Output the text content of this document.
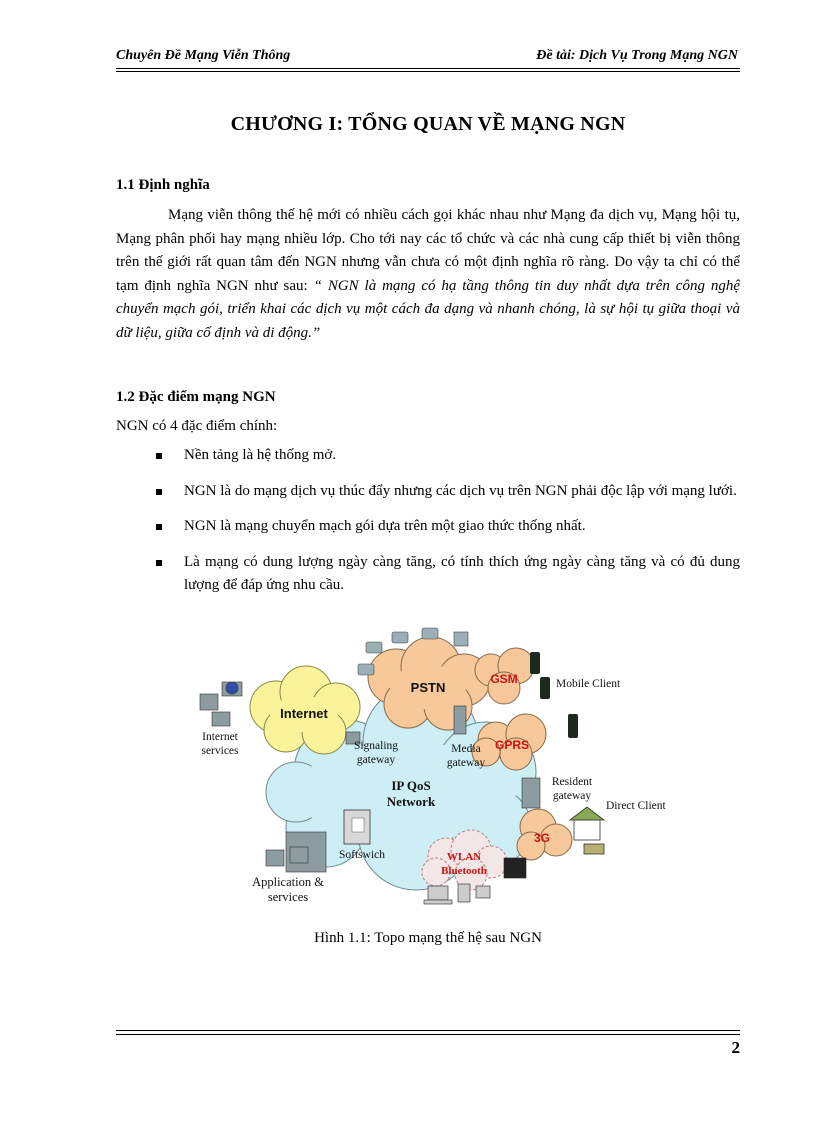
Chuyên Đề Mạng Viễn Thông	Đề tài: Dịch Vụ Trong Mạng NGN
CHƯƠNG I: TỔNG QUAN VỀ MẠNG NGN
1.1 Định nghĩa
Mạng viễn thông thế hệ mới có nhiều cách gọi khác nhau như Mạng đa dịch vụ, Mạng hội tụ, Mạng phân phối hay mạng nhiều lớp. Cho tới nay các tổ chức và các nhà cung cấp thiết bị viễn thông trên thế giới rất quan tâm đến NGN nhưng vẫn chưa có một định nghĩa rõ ràng. Do vậy ta chỉ có thể tạm định nghĩa NGN như sau: “ NGN là mạng có hạ tầng thông tin duy nhất dựa trên công nghệ chuyển mạch gói, triển khai các dịch vụ một cách đa dạng và nhanh chóng, là sự hội tụ giữa thoại và dữ liệu, giữa cố định và di động.”
1.2 Đặc điểm mạng NGN
NGN có 4 đặc điểm chính:
Nền tảng là hệ thống mở.
NGN là do mạng dịch vụ thúc đẩy nhưng các dịch vụ trên NGN phải độc lập với mạng lưới.
NGN là mạng chuyển mạch gói dựa trên một giao thức thống nhất.
Là mạng có dung lượng ngày càng tăng, có tính thích ứng ngày càng tăng và có đủ dung lượng để đáp ứng nhu cầu.
Internet
PSTN
GSM
GPRS
3G
IP QoS
Network
WLAN
Bluetooth
Mobile Client
Internet
services	Signaling
gateway
Media
gateway
Resident
gateway
Direct Client
Softswich
Application &
services
Hình 1.1: Topo mạng thế hệ sau NGN
2
